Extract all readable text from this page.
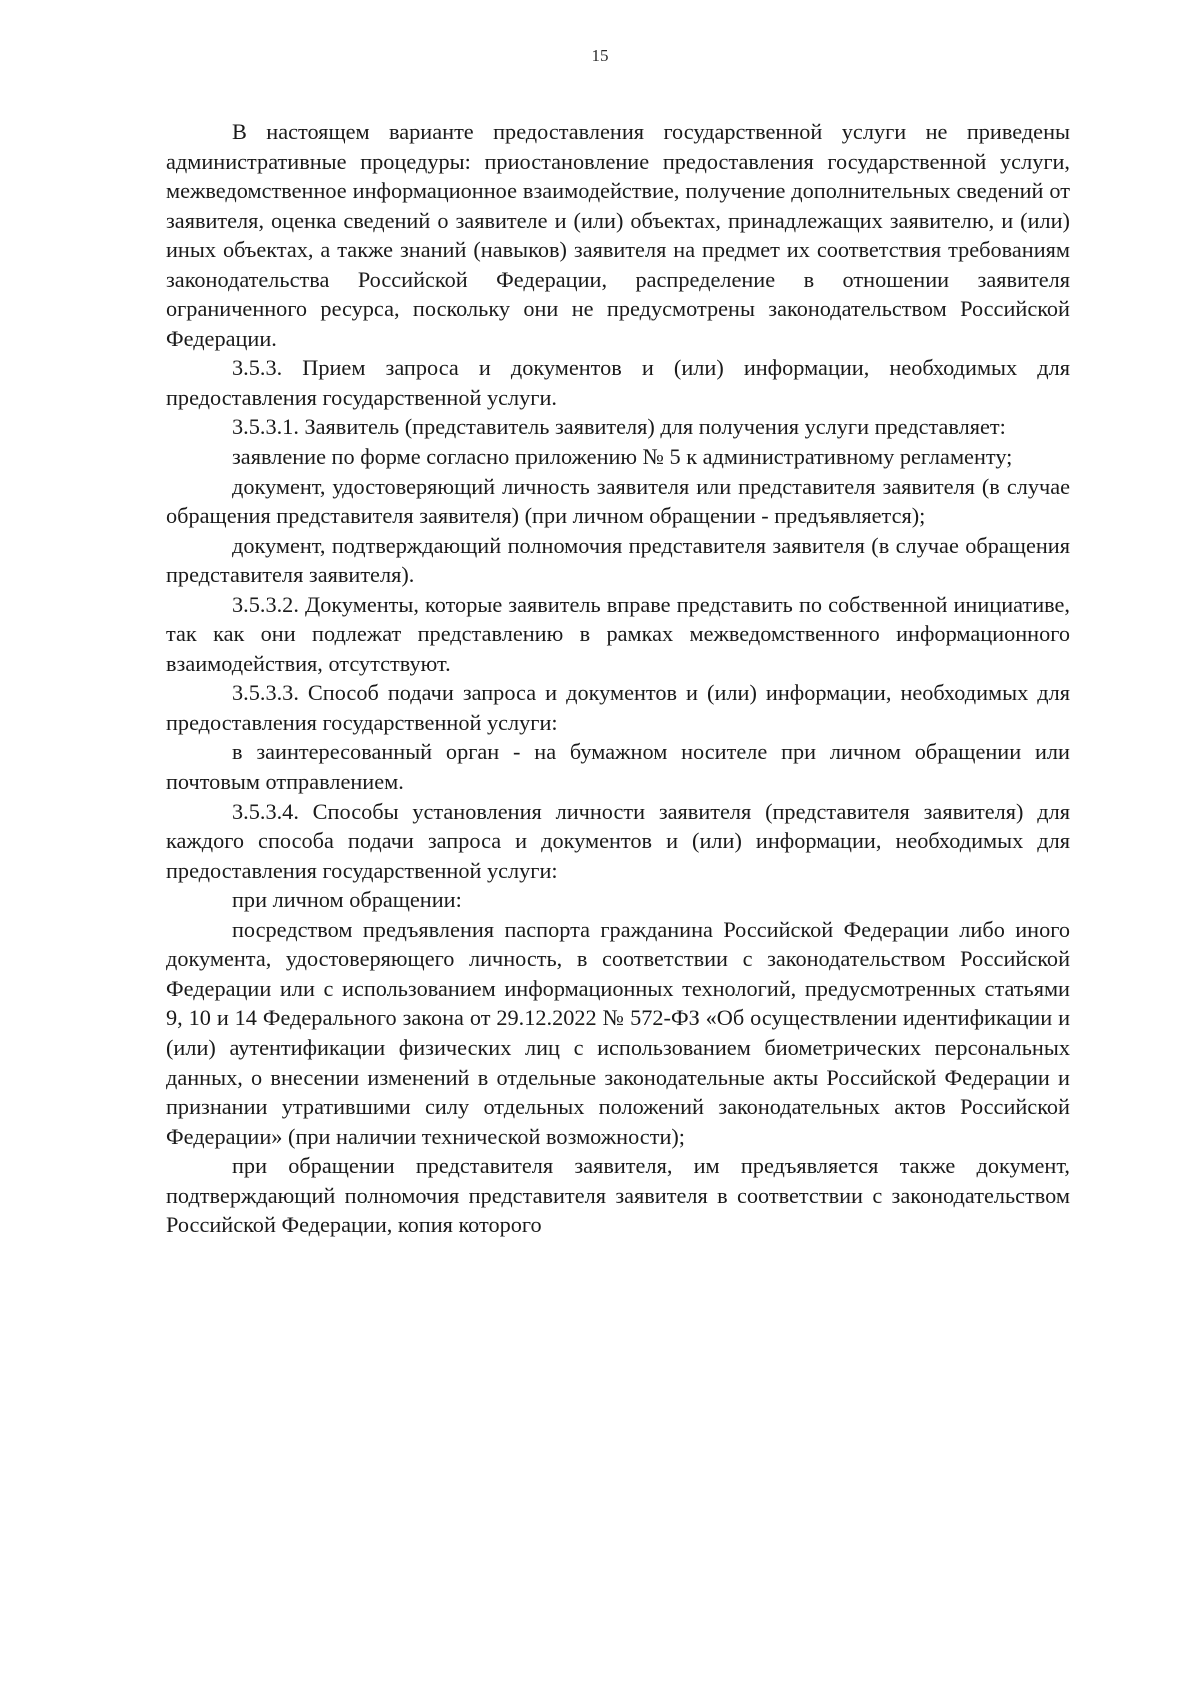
15

В настоящем варианте предоставления государственной услуги не приведены административные процедуры: приостановление предоставления государственной услуги, межведомственное информационное взаимодействие, получение дополнительных сведений от заявителя, оценка сведений о заявителе и (или) объектах, принадлежащих заявителю, и (или) иных объектах, а также знаний (навыков) заявителя на предмет их соответствия требованиям законодательства Российской Федерации, распределение в отношении заявителя ограниченного ресурса, поскольку они не предусмотрены законодательством Российской Федерации.

3.5.3. Прием запроса и документов и (или) информации, необходимых для предоставления государственной услуги.

3.5.3.1. Заявитель (представитель заявителя) для получения услуги представляет:

заявление по форме согласно приложению № 5 к административному регламенту;

документ, удостоверяющий личность заявителя или представителя заявителя (в случае обращения представителя заявителя) (при личном обращении - предъявляется);

документ, подтверждающий полномочия представителя заявителя (в случае обращения представителя заявителя).

3.5.3.2. Документы, которые заявитель вправе представить по собственной инициативе, так как они подлежат представлению в рамках межведомственного информационного взаимодействия, отсутствуют.

3.5.3.3. Способ подачи запроса и документов и (или) информации, необходимых для предоставления государственной услуги:

в заинтересованный орган - на бумажном носителе при личном обращении или почтовым отправлением.

3.5.3.4. Способы установления личности заявителя (представителя заявителя) для каждого способа подачи запроса и документов и (или) информации, необходимых для предоставления государственной услуги:

при личном обращении:

посредством предъявления паспорта гражданина Российской Федерации либо иного документа, удостоверяющего личность, в соответствии с законодательством Российской Федерации или с использованием информационных технологий, предусмотренных статьями 9, 10 и 14 Федерального закона от 29.12.2022 № 572-ФЗ «Об осуществлении идентификации и (или) аутентификации физических лиц с использованием биометрических персональных данных, о внесении изменений в отдельные законодательные акты Российской Федерации и признании утратившими силу отдельных положений законодательных актов Российской Федерации» (при наличии технической возможности);

при обращении представителя заявителя, им предъявляется также документ, подтверждающий полномочия представителя заявителя в соответствии с законодательством Российской Федерации, копия которого
